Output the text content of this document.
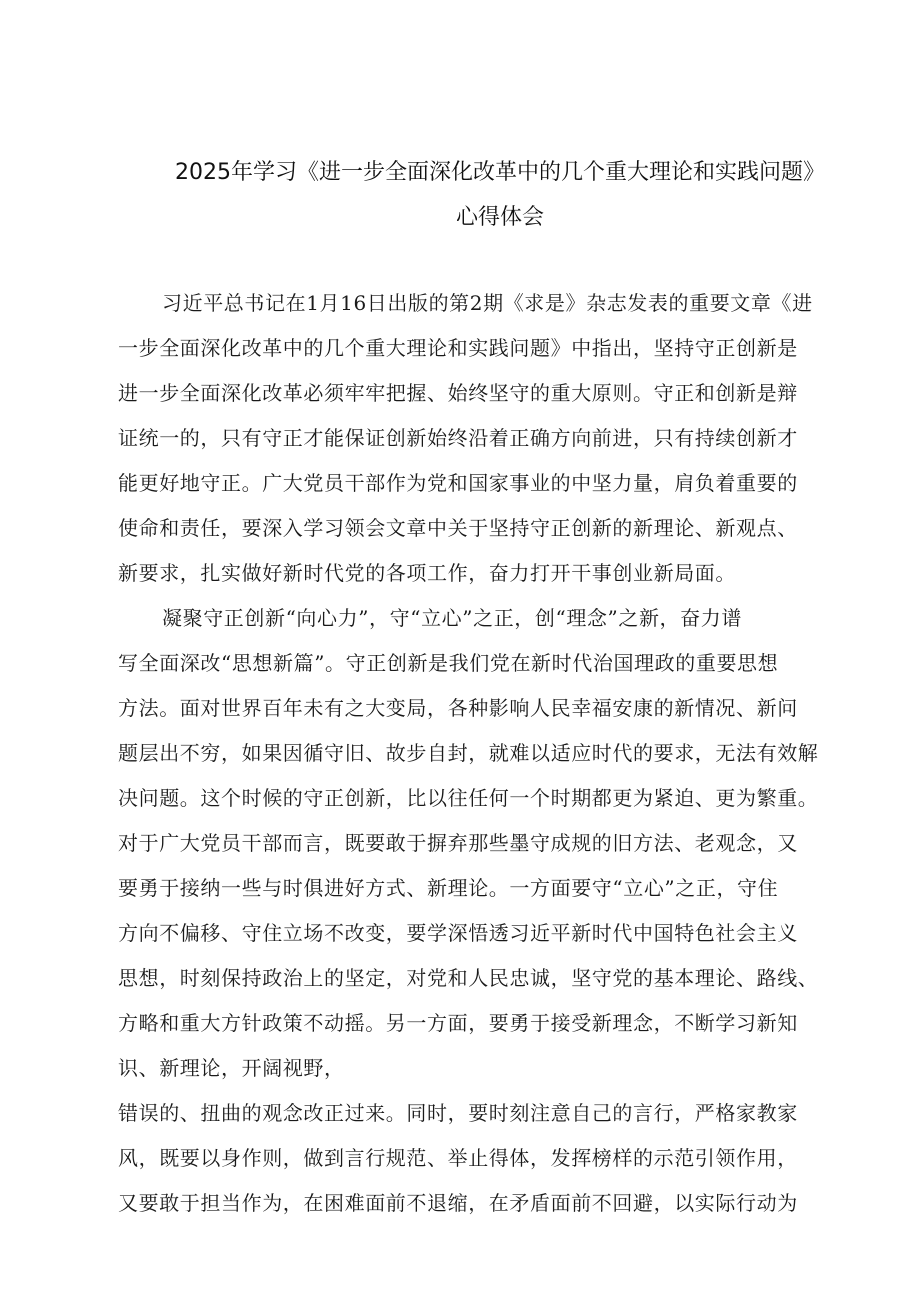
2025年学习《进一步全面深化改革中的几个重大理论和实践问题》
心得体会
习近平总书记在1月16日出版的第2期《求是》杂志发表的重要文章《进
一步全面深化改革中的几个重大理论和实践问题》中指出，坚持守正创新是
进一步全面深化改革必须牢牢把握、始终坚守的重大原则。守正和创新是辩
证统一的，只有守正才能保证创新始终沿着正确方向前进，只有持续创新才
能更好地守正。广大党员干部作为党和国家事业的中坚力量，肩负着重要的
使命和责任，要深入学习领会文章中关于坚持守正创新的新理论、新观点、
新要求，扎实做好新时代党的各项工作，奋力打开干事创业新局面。
凝聚守正创新“向心力”，守“立心”之正，创“理念”之新，奋力谱
写全面深改“思想新篇”。守正创新是我们党在新时代治国理政的重要思想
方法。面对世界百年未有之大变局，各种影响人民幸福安康的新情况、新问
题层出不穷，如果因循守旧、故步自封，就难以适应时代的要求，无法有效解
决问题。这个时候的守正创新，比以往任何一个时期都更为紧迫、更为繁重。
对于广大党员干部而言，既要敢于摒弃那些墨守成规的旧方法、老观念，又
要勇于接纳一些与时俱进好方式、新理论。一方面要守“立心”之正，守住
方向不偏移、守住立场不改变，要学深悟透习近平新时代中国特色社会主义
思想，时刻保持政治上的坚定，对党和人民忠诚，坚守党的基本理论、路线、
方略和重大方针政策不动摇。另一方面，要勇于接受新理念，不断学习新知
识、新理论，开阔视野，
错误的、扭曲的观念改正过来。同时，要时刻注意自己的言行，严格家教家
风，既要以身作则，做到言行规范、举止得体，发挥榜样的示范引领作用，
又要敢于担当作为，在困难面前不退缩，在矛盾面前不回避，以实际行动为
